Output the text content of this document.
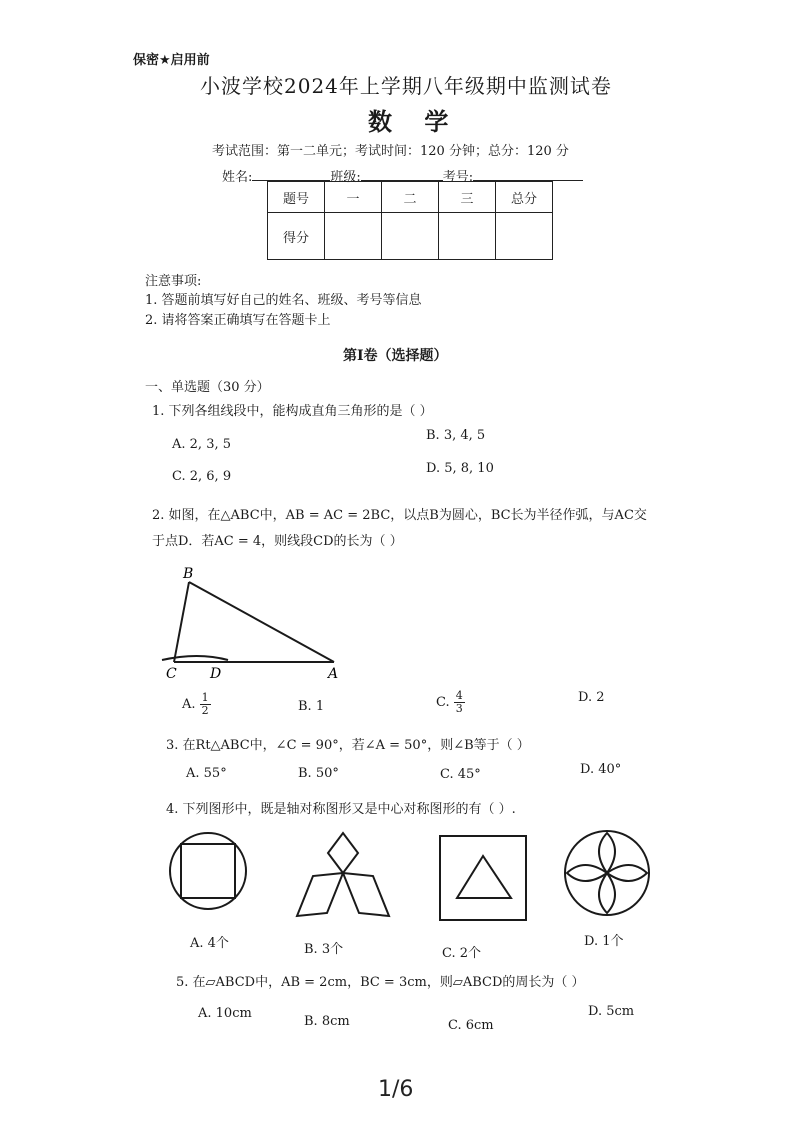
保密★启用前
小波学校2024年上学期八年级期中监测试卷
数 学
考试范围：第一二单元；考试时间：120 分钟；总分：120 分
姓名:	班级:	考号:
题号	一	二	三	总分
得分				
注意事项:
1. 答题前填写好自己的姓名、班级、考号等信息
2. 请将答案正确填写在答题卡上
第I卷（选择题）
一、单选题（30 分）
1. 下列各组线段中，能构成直角三角形的是（ ）
A. 2, 3, 5
B. 3, 4, 5
C. 2, 6, 9
D. 5, 8, 10
2. 如图，在△ABC中，AB = AC = 2BC，以点B为圆心，BC长为半径作弧，与AC交
于点D．若AC = 4，则线段CD的长为（ ）
B
C D	A
A. $\frac{1}{2}$	B. 1	C. $\frac{4}{3}$	D. 2
3. 在Rt△ABC中，∠C = 90°，若∠A = 50°，则∠B等于（ ）
A. 55°	B. 50°	C. 45°	D. 40°
4. 下列图形中，既是轴对称图形又是中心对称图形的有（ ）.
A. 4个	B. 3个	C. 2个
D. 1个
5. 在▱ABCD中，AB = 2cm，BC = 3cm，则▱ABCD的周长为（ ）
A. 10cm
B. 8cm	C. 6cm
D. 5cm
1/6
